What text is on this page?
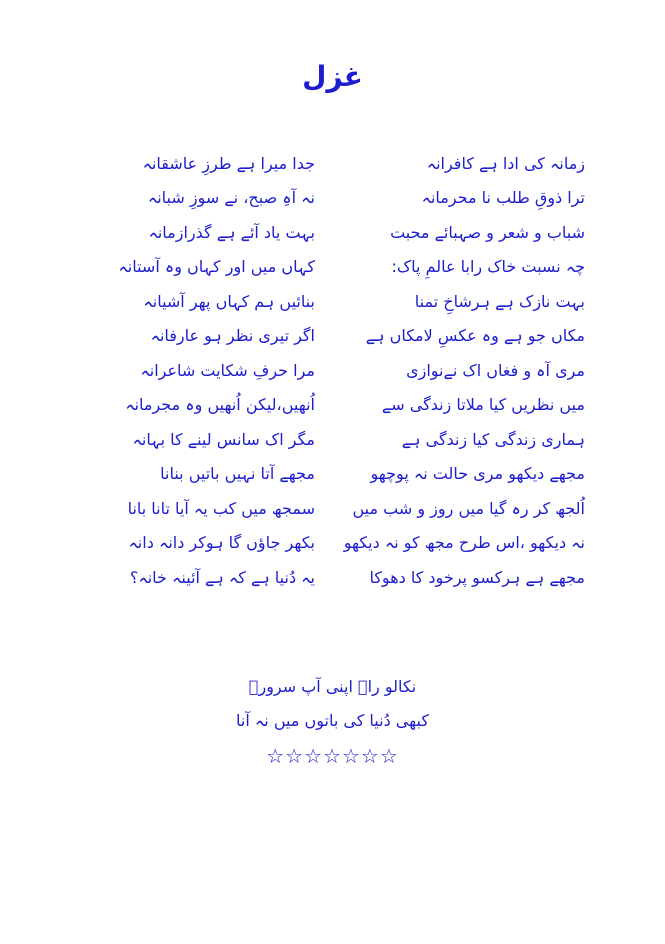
غزل
زمانہ کی ادا ہے کافرانہ
جدا میرا ہے طرزِ عاشقانہ
ترا ذوقِ طلب نا محرمانہ
نہ آہِ صبح، نے سوزِ شبانہ
شباب و شعر و صہبائے محبت
بہت یاد آئے ہے گذرازمانہ
چہ نسبت خاک رابا عالمِ پاک:
کہاں میں اور کہاں وہ آستانہ
بہت نازک ہے ہرشاخِ تمنا
بنائیں ہم کہاں پھر آشیانہ
مکاں جو ہے وہ عکسِ لامکاں ہے
اگر تیری نظر ہو عارفانہ
مری آہ و فغاں اک نےنوازی
مرا حرفِ شکایت شاعرانہ
میں نظریں کیا ملاتا زندگی سے
اُنھیں،لیکن اُنھیں وہ مجرمانہ
ہماری زندگی کیا زندگی ہے
مگر اک سانس لینے کا بہانہ
مجھے دیکھو مری حالت نہ پوچھو
مجھے آتا نہیں باتیں بنانا
اُلجھ کر رہ گیا میں روز و شب میں
سمجھ میں کب یہ آیا تانا بانا
نہ دیکھو ،اس طرح مجھ کو نہ دیکھو
بکھر جاؤں گا ہوکر دانہ دانہ
مجھے ہے ہرکسو پرخود کا دھوکا
یہ دُنیا ہے کہ ہے آئینہ خانہ؟
نکالو راہ اپنی آپ سرورؔ
کبھی دُنیا کی باتوں میں نہ آنا
☆☆☆☆☆☆☆
